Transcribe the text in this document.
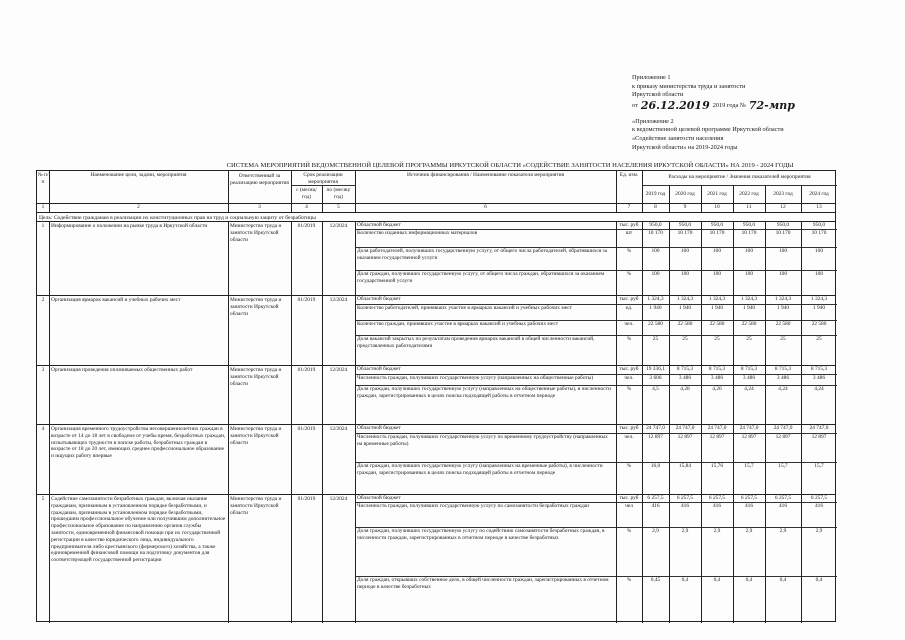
Приложение 1
к приказу министерства труда и занятости
Иркутской области
от 26.12.2019 2019 года № 72-мпр
«Приложение 2
к ведомственной целевой программе Иркутской области
«Содействие занятости населения
Иркутской области» на 2019-2024 годы
СИСТЕМА МЕРОПРИЯТИЙ ВЕДОМСТВЕННОЙ ЦЕЛЕВОЙ ПРОГРАММЫ ИРКУТСКОЙ ОБЛАСТИ «СОДЕЙСТВИЕ ЗАНЯТОСТИ НАСЕЛЕНИЯ ИРКУТСКОЙ ОБЛАСТИ» НА 2019 - 2024 ГОДЫ
№ п/п
Наименование цели, задачи, мероприятия	Ответственный за реализацию мероприятия
Срок реализации мероприятия
с (месяц/ год)
по (месяц/ год)
Источник финансирования / Наименование показателя мероприятия	Ед. изм.	Расходы на мероприятие / Значения показателей мероприятия
2019 год	2020 год	2021 год	2022 год	2023 год	2024 год
1	2	3	4	5	6	7	8	9	10	11	12	13
Цель: Содействие гражданам в реализации их конституционных прав на труд и социальную защиту от безработицы
1	Информирование о положении на рынке труда в Иркутской области	Министерство труда и занятости Иркутской области
01/2019	12/2024	Областной бюджет	тыс. руб	950,0	950,0	950,0	950,0	950,0	950,0
Количество изданных информационных материалов	шт	10 170	10 170	10 170	10 170	10 170	10 170
Доля работодателей, получивших государственную услугу, от общего числа работодателей, обратившихся за оказанием государственной услуги
%	100	100	100	100	100	100
Доля граждан, получивших государственную услугу, от общего числа граждан, обратившихся за оказанием государственной услуги
%	100	100	100	100	100	100
2	Организация ярмарок вакансий и учебных рабочих мест	Министерство труда и занятости Иркутской области
01/2019	12/2024	Областной бюджет	тыс. руб	1 324,3	1 324,3	1 324,3	1 324,3	1 324,3	1 324,3
Количество работодателей, принявших участие в ярмарках вакансий и учебных рабочих мест	ед.	1 940	1 940	1 940	1 940	1 940	1 940
Количество граждан, принявших участие в ярмарках вакансий и учебных рабочих мест	чел.	22 580	22 580	22 580	22 580	22 580	22 580
Доля вакансий закрытых по результатам проведения ярмарок вакансий в общей численности вакансий, представленных работодателями
%	25	25	25	25	25	25
3	Организация проведения оплачиваемых общественных работ	Министерство труда и занятости Иркутской области
01/2019	12/2024	Областной бюджет	тыс. руб	19 336,1	8 715,3	8 715,3	8 715,3	8 715,3	8 715,3
Численность граждан, получивших государственную услугу (направленных на общественные работы)	чел.	3 606	3 486	3 486	3 486	3 486	3 486
Доля граждан, получивших государственную услугу (направленных на общественные работы), в численности граждан, зарегистрированных в целях поиска подходящей работы в отчетном периоде
%	4,5	4,28	4,26	4,24	4,24	4,24
4	Организация временного трудоустройства несовершеннолетних граждан в возрасте от 14 до 18 лет в свободное от учебы время, безработных граждан, испытывающих трудности в поиске работы, безработных граждан в возрасте от 18 до 20 лет, имеющих среднее профессиональное образование и ищущих работу впервые
Министерство труда и занятости Иркутской области
01/2019	12/2024	Областной бюджет	тыс. руб	24 747,0	24 747,0	24 747,0	24 747,0	24 747,0	24 747,0
Численность граждан, получивших государственную услугу по временному трудоустройству (направленных на временные работы)
чел.	12 897	12 897	12 897	12 897	12 897	12 897
Доля граждан, получивших государственную услугу (направленных на временные работы), в численности граждан, зарегистрированных в целях поиска подходящей работы в отчетном периоде
%	16,0	15,84	15,76	15,7	15,7	15,7
5	Содействие самозанятости безработных граждан, включая оказание гражданам, признанным в установленном порядке безработными, и гражданам, признанным в установленном порядке безработными, прошедшим профессиональное обучение или получившим дополнительное профессиональное образование по направлению органов службы занятости, единовременной финансовой помощи при их государственной регистрации в качестве юридического лица, индивидуального предпринимателя либо крестьянского (фермерского) хозяйства, а также единовременной финансовой помощи на подготовку документов для соответствующей государственной регистрации
Министерство труда и занятости Иркутской области
01/2019	12/2024	Областной бюджет	тыс. руб	6 257,5	6 257,5	6 257,5	6 257,5	6 257,5	6 257,5
Численность граждан, получивших государственную услугу по самозанятости безработных граждан	чел	416	416	416	416	416	416
Доля граждан, получивших государственную услугу по содействию самозанятости безработных граждан, в численности граждан, зарегистрированных в отчетном периоде в качестве безработных
%	2,9	2,9	2,9	2,9	2,9	2,9
Доля граждан, открывших собственное дело, в общей численности граждан, зарегистрированных в отчетном периоде в качестве безработных
%	0,45	0,4	0,4	0,4	0,4	0,4
